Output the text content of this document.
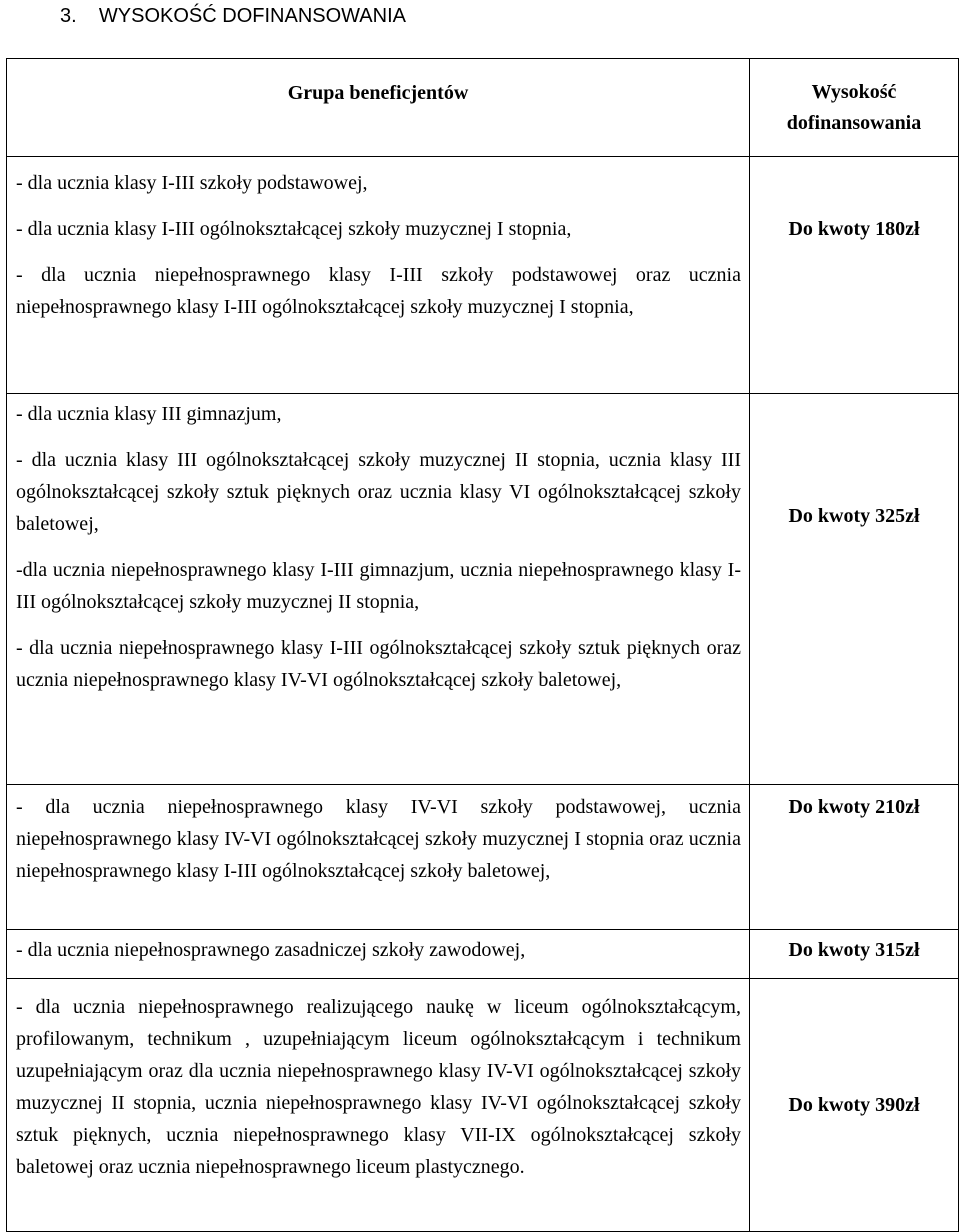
3. WYSOKOŚĆ DOFINANSOWANIA
Grupa beneficjentów	Wysokość
dofinansowania

- dla ucznia klasy I-III szkoły podstawowej,
- dla ucznia klasy I-III ogólnokształcącej szkoły muzycznej I stopnia,
- dla ucznia niepełnosprawnego klasy I-III szkoły podstawowej oraz ucznia niepełnosprawnego klasy I-III ogólnokształcącej szkoły muzycznej I stopnia,	Do kwoty 180zł

- dla ucznia klasy III gimnazjum,
- dla ucznia klasy III ogólnokształcącej szkoły muzycznej II stopnia, ucznia klasy III ogólnokształcącej szkoły sztuk pięknych oraz ucznia klasy VI ogólnokształcącej szkoły baletowej,
-dla ucznia niepełnosprawnego klasy I-III gimnazjum, ucznia niepełnosprawnego klasy I-III ogólnokształcącej szkoły muzycznej II stopnia,
- dla ucznia niepełnosprawnego klasy I-III ogólnokształcącej szkoły sztuk pięknych oraz ucznia niepełnosprawnego klasy IV-VI ogólnokształcącej szkoły baletowej,	Do kwoty 325zł

- dla ucznia niepełnosprawnego klasy IV-VI szkoły podstawowej, ucznia niepełnosprawnego klasy IV-VI ogólnokształcącej szkoły muzycznej I stopnia oraz ucznia niepełnosprawnego klasy I-III ogólnokształcącej szkoły baletowej,	Do kwoty 210zł

- dla ucznia niepełnosprawnego zasadniczej szkoły zawodowej,	Do kwoty 315zł

- dla ucznia niepełnosprawnego realizującego naukę w liceum ogólnokształcącym, profilowanym, technikum , uzupełniającym liceum ogólnokształcącym i technikum uzupełniającym oraz dla ucznia niepełnosprawnego klasy IV-VI ogólnokształcącej szkoły muzycznej II stopnia, ucznia niepełnosprawnego klasy IV-VI ogólnokształcącej szkoły sztuk pięknych, ucznia niepełnosprawnego klasy VII-IX ogólnokształcącej szkoły baletowej oraz ucznia niepełnosprawnego liceum plastycznego.	Do kwoty 390zł
